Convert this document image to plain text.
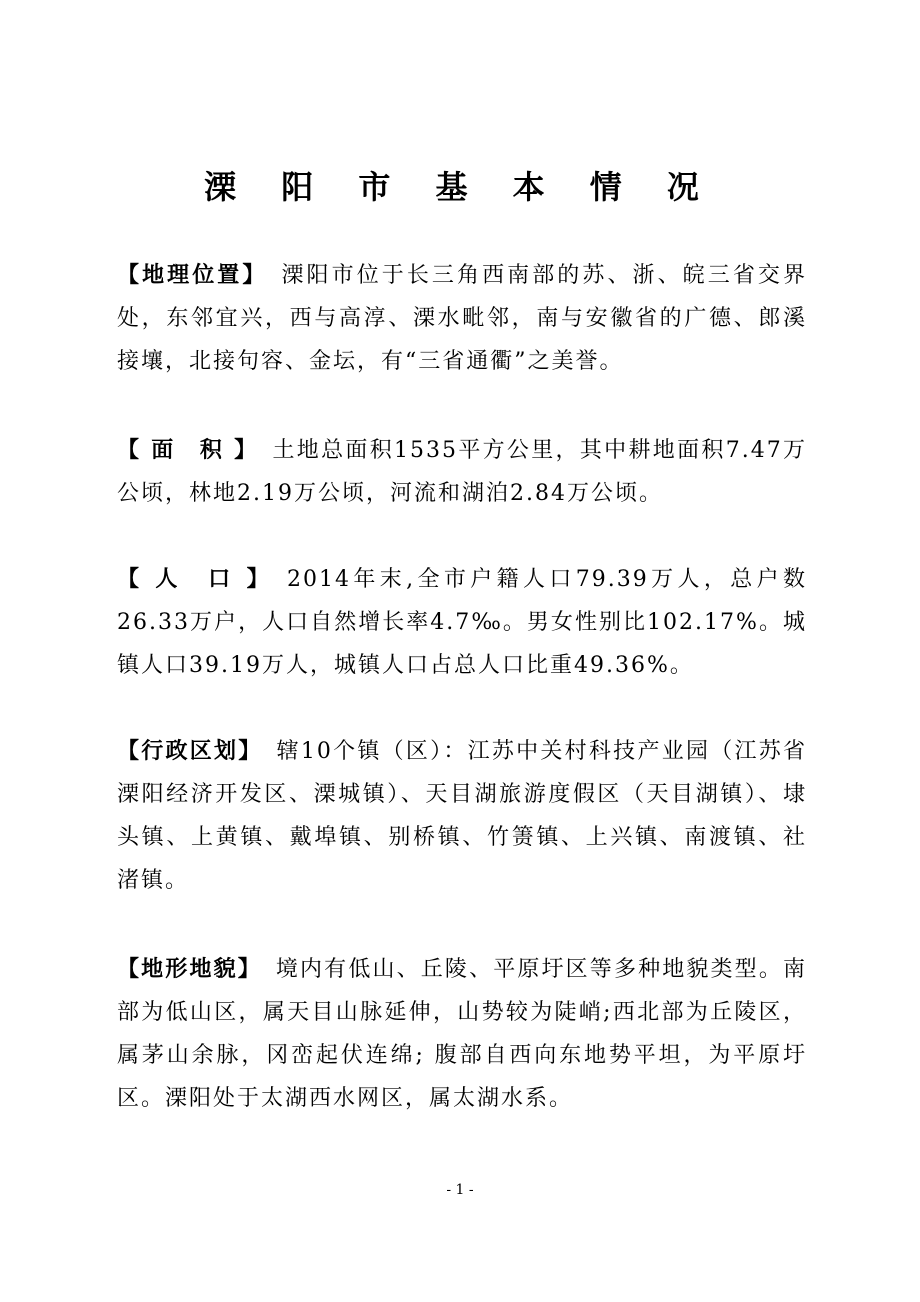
溧 阳 市 基 本 情 况

【地理位置】 溧阳市位于长三角西南部的苏、浙、皖三省交界处，东邻宜兴，西与高淳、溧水毗邻，南与安徽省的广德、郎溪接壤，北接句容、金坛，有“三省通衢”之美誉。

【 面　积 】 土地总面积1535平方公里，其中耕地面积7.47万公顷，林地2.19万公顷，河流和湖泊2.84万公顷。

【 人　口 】 2014年末,全市户籍人口79.39万人，总户数26.33万户，人口自然增长率4.7‰。男女性别比102.17%。城镇人口39.19万人，城镇人口占总人口比重49.36%。

【行政区划】 辖10个镇（区）：江苏中关村科技产业园（江苏省溧阳经济开发区、溧城镇）、天目湖旅游度假区（天目湖镇）、埭头镇、上黄镇、戴埠镇、别桥镇、竹箦镇、上兴镇、南渡镇、社渚镇。

【地形地貌】 境内有低山、丘陵、平原圩区等多种地貌类型。南部为低山区，属天目山脉延伸，山势较为陡峭;西北部为丘陵区，属茅山余脉，冈峦起伏连绵; 腹部自西向东地势平坦，为平原圩区。溧阳处于太湖西水网区，属太湖水系。

- 1 -
